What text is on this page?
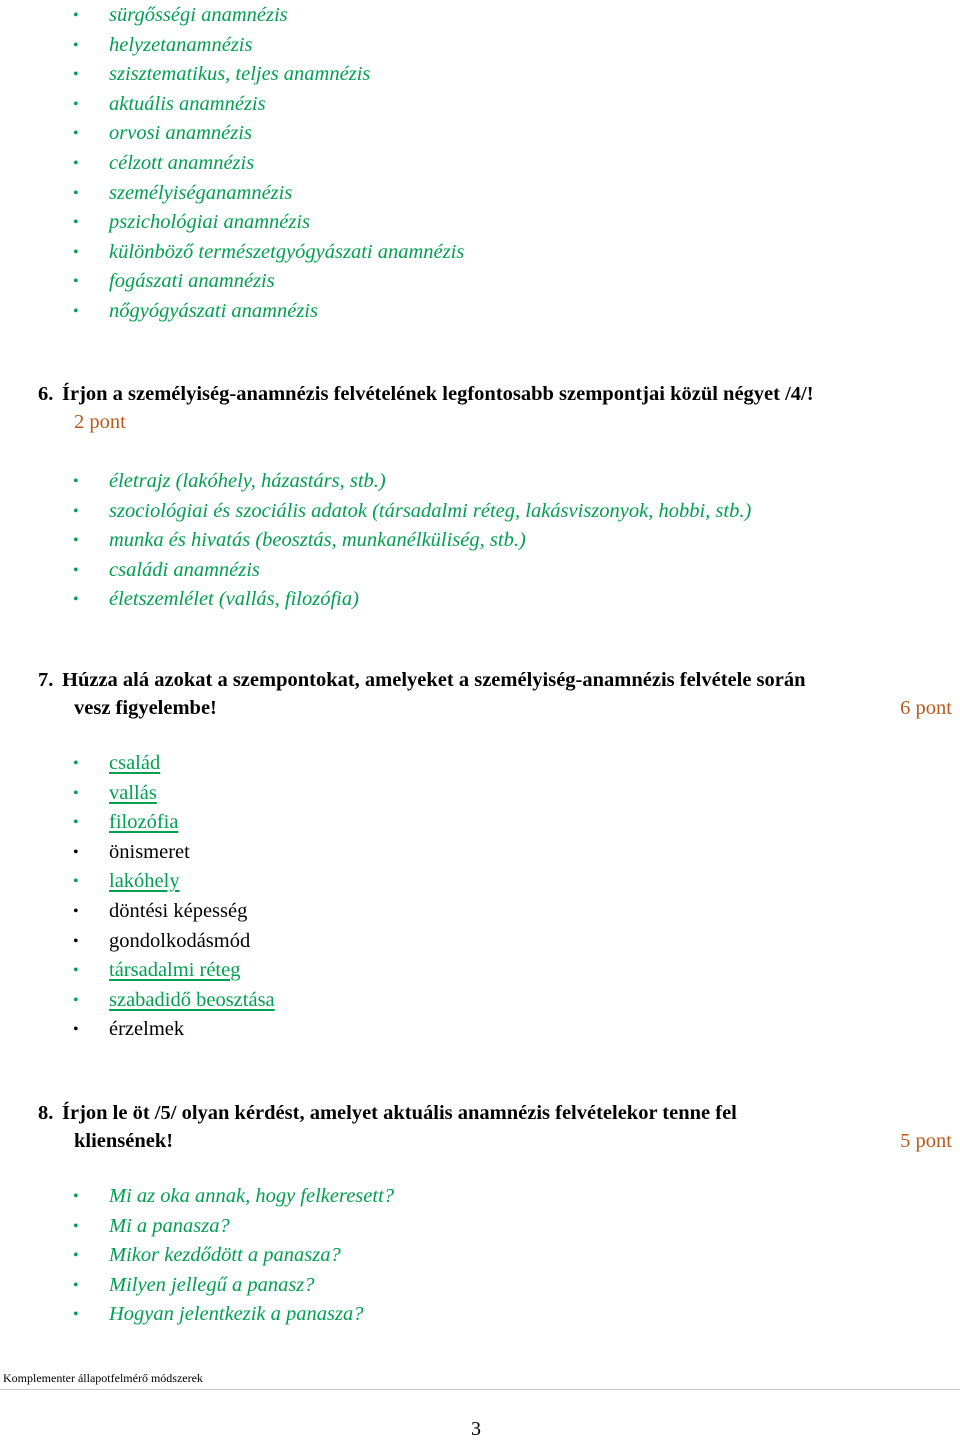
• sürgősségi anamnézis
• helyzetanamnézis
• szisztematikus, teljes anamnézis
• aktuális anamnézis
• orvosi anamnézis
• célzott anamnézis
• személyiséganamnézis
• pszichológiai anamnézis
• különböző természetgyógyászati anamnézis
• fogászati anamnézis
• nőgyógyászati anamnézis
6. Írjon a személyiség-anamnézis felvételének legfontosabb szempontjai közül négyet /4/!
2 pont
• életrajz (lakóhely, házastárs, stb.)
• szociológiai és szociális adatok (társadalmi réteg, lakásviszonyok, hobbi, stb.)
• munka és hivatás (beosztás, munkanélküliség, stb.)
• családi anamnézis
• életszemlélet (vallás, filozófia)
7. Húzza alá azokat a szempontokat, amelyeket a személyiség-anamnézis felvétele során
vesz figyelembe!	6 pont
• család
• vallás
• filozófia
• önismeret
• lakóhely
• döntési képesség
• gondolkodásmód
• társadalmi réteg
• szabadidő beosztása
• érzelmek
8. Írjon le öt /5/ olyan kérdést, amelyet aktuális anamnézis felvételekor tenne fel
kliensének!	5 pont
• Mi az oka annak, hogy felkeresett?
• Mi a panasza?
• Mikor kezdődött a panasza?
• Milyen jellegű a panasz?
• Hogyan jelentkezik a panasza?
Komplementer állapotfelmérő módszerek
3
